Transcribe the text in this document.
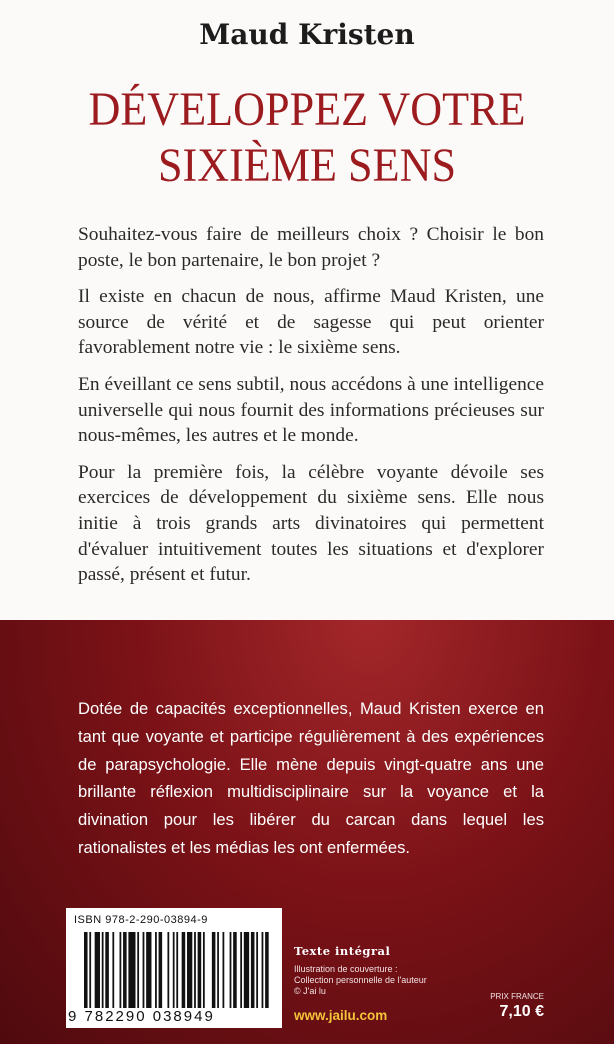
Maud Kristen
DÉVELOPPEZ VOTRE
SIXIÈME SENS

Souhaitez-vous faire de meilleurs choix ? Choisir le bon poste, le bon partenaire, le bon projet ?

Il existe en chacun de nous, affirme Maud Kristen, une source de vérité et de sagesse qui peut orienter favorablement notre vie : le sixième sens.

En éveillant ce sens subtil, nous accédons à une intelligence universelle qui nous fournit des informations précieuses sur nous-mêmes, les autres et le monde.

Pour la première fois, la célèbre voyante dévoile ses exercices de développement du sixième sens. Elle nous initie à trois grands arts divinatoires qui permettent d'évaluer intuitivement toutes les situations et d'explorer passé, présent et futur.

Dotée de capacités exceptionnelles, Maud Kristen exerce en tant que voyante et participe régulièrement à des expériences de parapsychologie. Elle mène depuis vingt-quatre ans une brillante réflexion multidisciplinaire sur la voyance et la divination pour les libérer du carcan dans lequel les rationalistes et les médias les ont enfermées.
ISBN 978-2-290-03894-9
9 782290 038949
Texte intégral
Illustration de couverture :
Collection personnelle de l'auteur
© J'ai lu
www.jailu.com
PRIX FRANCE
7,10 €
